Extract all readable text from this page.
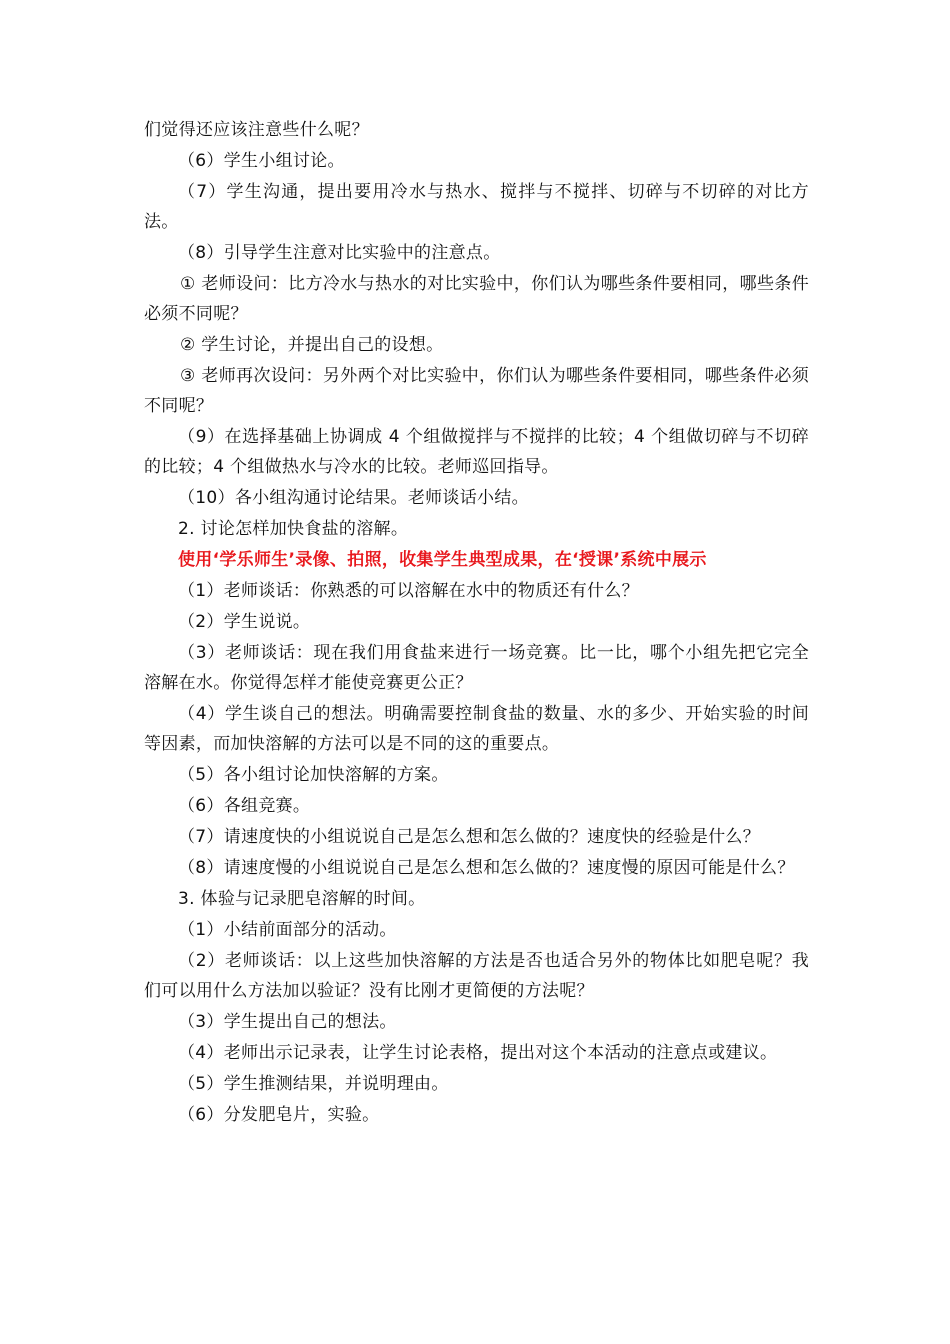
们觉得还应该注意些什么呢？

（6）学生小组讨论。

（7）学生沟通，提出要用冷水与热水、搅拌与不搅拌、切碎与不切碎的对比方法。

（8）引导学生注意对比实验中的注意点。

① 老师设问：比方冷水与热水的对比实验中，你们认为哪些条件要相同，哪些条件必须不同呢？

② 学生讨论，并提出自己的设想。

③ 老师再次设问：另外两个对比实验中，你们认为哪些条件要相同，哪些条件必须不同呢？

（9）在选择基础上协调成 4 个组做搅拌与不搅拌的比较；4 个组做切碎与不切碎的比较；4 个组做热水与冷水的比较。老师巡回指导。

（10）各小组沟通讨论结果。老师谈话小结。

2. 讨论怎样加快食盐的溶解。

使用‘学乐师生’录像、拍照，收集学生典型成果，在‘授课’系统中展示

（1）老师谈话：你熟悉的可以溶解在水中的物质还有什么？

（2）学生说说。

（3）老师谈话：现在我们用食盐来进行一场竞赛。比一比，哪个小组先把它完全溶解在水。你觉得怎样才能使竞赛更公正？

（4）学生谈自己的想法。明确需要控制食盐的数量、水的多少、开始实验的时间等因素，而加快溶解的方法可以是不同的这的重要点。

（5）各小组讨论加快溶解的方案。

（6）各组竞赛。

（7）请速度快的小组说说自己是怎么想和怎么做的？速度快的经验是什么？

（8）请速度慢的小组说说自己是怎么想和怎么做的？速度慢的原因可能是什么？

3. 体验与记录肥皂溶解的时间。

（1）小结前面部分的活动。

（2）老师谈话：以上这些加快溶解的方法是否也适合另外的物体比如肥皂呢？我们可以用什么方法加以验证？没有比刚才更简便的方法呢？

（3）学生提出自己的想法。

（4）老师出示记录表，让学生讨论表格，提出对这个本活动的注意点或建议。

（5）学生推测结果，并说明理由。

（6）分发肥皂片，实验。
